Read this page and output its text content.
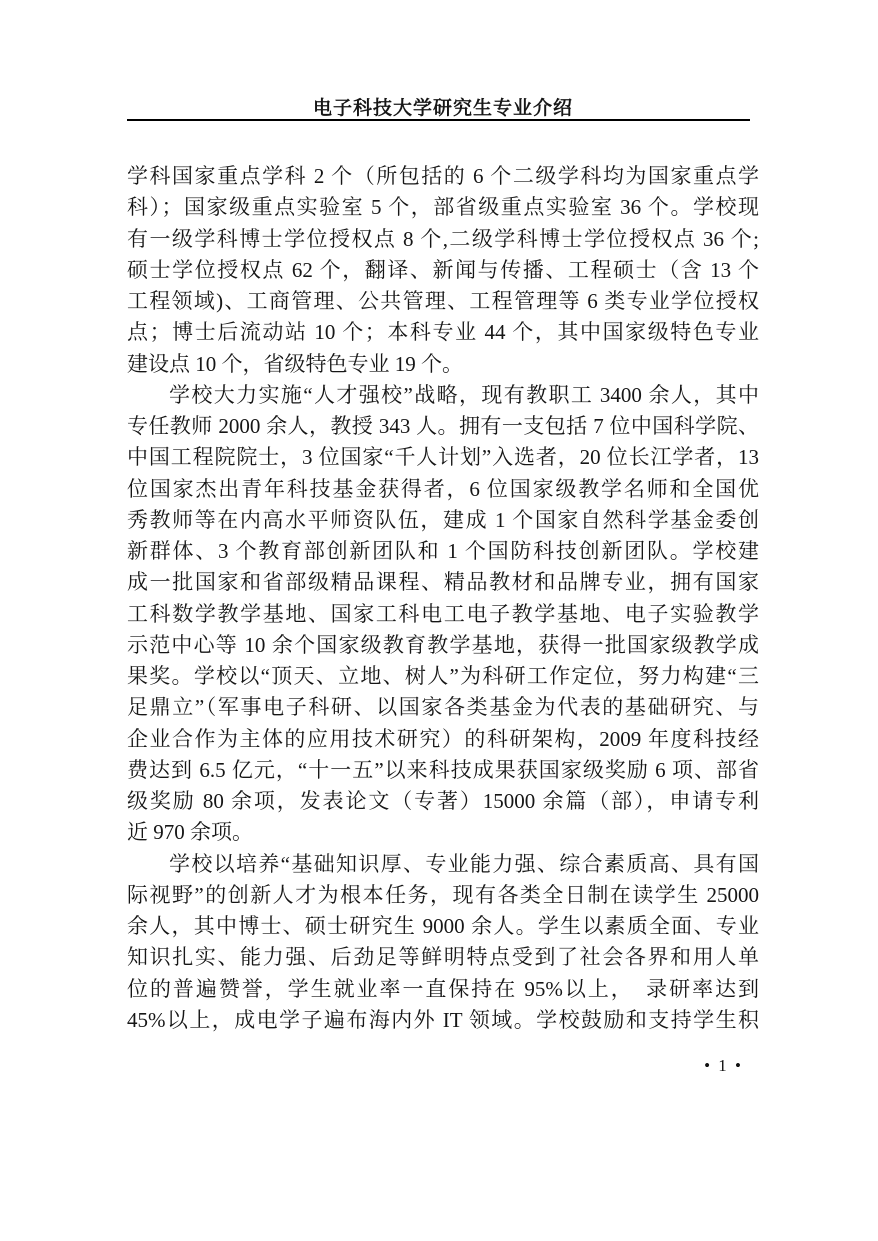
电子科技大学研究生专业介绍
学科国家重点学科 2 个（所包括的 6 个二级学科均为国家重点学
科）；国家级重点实验室 5 个，部省级重点实验室 36 个。学校现
有一级学科博士学位授权点 8 个,二级学科博士学位授权点 36 个;
硕士学位授权点 62 个，翻译、新闻与传播、工程硕士（含 13 个
工程领域)、工商管理、公共管理、工程管理等 6 类专业学位授权
点；博士后流动站 10 个；本科专业 44 个，其中国家级特色专业
建设点 10 个，省级特色专业 19 个。
学校大力实施“人才强校”战略，现有教职工 3400 余人，其中
专任教师 2000 余人，教授 343 人。拥有一支包括 7 位中国科学院、
中国工程院院士，3 位国家“千人计划”入选者，20 位长江学者，13
位国家杰出青年科技基金获得者，6 位国家级教学名师和全国优
秀教师等在内高水平师资队伍，建成 1 个国家自然科学基金委创
新群体、3 个教育部创新团队和 1 个国防科技创新团队。学校建
成一批国家和省部级精品课程、精品教材和品牌专业，拥有国家
工科数学教学基地、国家工科电工电子教学基地、电子实验教学
示范中心等 10 余个国家级教育教学基地，获得一批国家级教学成
果奖。学校以“顶天、立地、树人”为科研工作定位，努力构建“三
足鼎立”（军事电子科研、以国家各类基金为代表的基础研究、与
企业合作为主体的应用技术研究）的科研架构，2009 年度科技经
费达到 6.5 亿元，“十一五”以来科技成果获国家级奖励 6 项、部省
级奖励 80 余项，发表论文（专著）15000 余篇（部），申请专利
近 970 余项。
学校以培养“基础知识厚、专业能力强、综合素质高、具有国
际视野”的创新人才为根本任务，现有各类全日制在读学生 25000
余人，其中博士、硕士研究生 9000 余人。学生以素质全面、专业
知识扎实、能力强、后劲足等鲜明特点受到了社会各界和用人单
位的普遍赞誉，学生就业率一直保持在 95%以上，　录研率达到
45%以上，成电学子遍布海内外 IT 领域。学校鼓励和支持学生积
• 1 •
